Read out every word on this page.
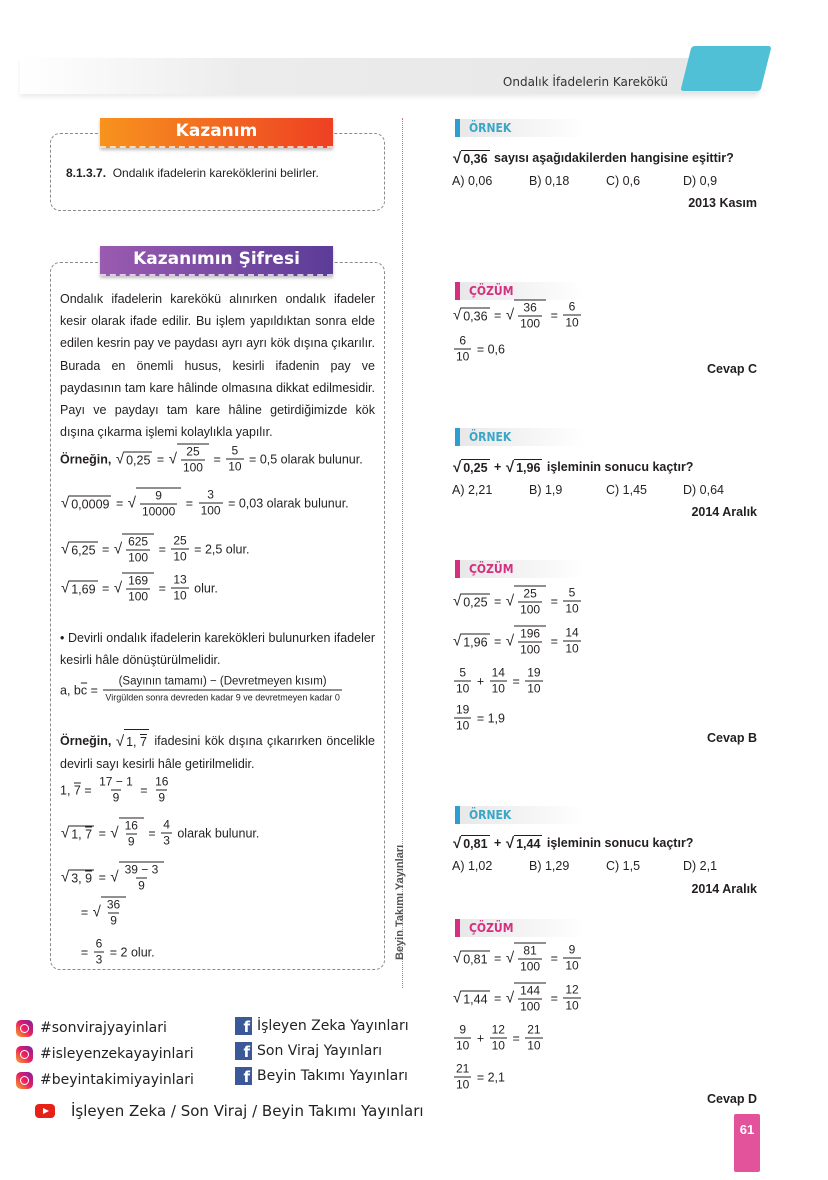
Ondalık İfadelerin Karekökü
Kazanım
8.1.3.7. Ondalık ifadelerin kareköklerini belirler.
Kazanımın Şifresi
Ondalık ifadelerin karekökü alınırken ondalık ifadeler kesir olarak ifade edilir. Bu işlem yapıldıktan sonra elde edilen kesrin pay ve paydası ayrı ayrı kök dışına çıkarılır. Burada en önemli husus, kesirli ifadenin pay ve paydasının tam kare hâlinde olmasına dikkat edilmesidir. Payı ve paydayı tam kare hâline getirdiğimizde kök dışına çıkarma işlemi kolaylıkla yapılır.
Örneğin, √ 0,25 = √ $\frac{25}{100} = \frac{5}{10} = 0,5$ olarak bulunur.
√ 0,0009 = √ $\frac{9}{10000} = \frac{3}{100} = 0,03$ olarak bulunur.
√ 6,25 = √ $\frac{625}{100} = \frac{25}{10} = 2,5$ olur.
√ 1,69 = √ $\frac{169}{100} = \frac{13}{10}$ olur.
a, b $\overline{c} = \frac{\text{(Sayının tamamı) − (Devretmeyen kısım)}}{\text{Virgülden sonra devreden kadar 9 ve devretmeyen kadar 0}}$
1, $7 = \frac{17 - 1}{9} = \frac{16}{9}$
√ 1, 7 = √ $\frac{16}{9} = \frac{4}{3}$ olarak bulunur.
√ 3, 9 = √ $\frac{39 - 3}{9}$
= √ $\frac{36}{9}$
= $\frac{6}{3} = 2$ olur.
• Devirli ondalık ifadelerin karekökleri bulunurken ifadeler kesirli hâle dönüştürülmelidir.
Örneğin, √ 1, 7 ifadesini kök dışına çıkarırken öncelikle devirli sayı kesirli hâle getirilmelidir.
Beyin Takımı Yayınları
ÖRNEK
√ 0,36 sayısı aşağıdakilerden hangisine eşittir?
A) 0,06	B) 0,18	C) 0,6	D) 0,9
2013 Kasım
ÇÖZÜM
√ 0,36 = √ $\frac{36}{100} = \frac{6}{10}$
$\frac{6}{10} = 0,6$
Cevap C
ÖRNEK
√ 0,25 + √ 1,96 işleminin sonucu kaçtır?
A) 2,21	B) 1,9	C) 1,45	D) 0,64
2014 Aralık
ÇÖZÜM
√ 0,25 = √ $\frac{25}{100} = \frac{5}{10}$
√ 1,96 = √ $\frac{196}{100} = \frac{14}{10}$
$\frac{5}{10} + \frac{14}{10} = \frac{19}{10}$
$\frac{19}{10} = 1,9$
Cevap B
ÖRNEK
√ 0,81 + √ 1,44 işleminin sonucu kaçtır?
A) 1,02	B) 1,29	C) 1,5	D) 2,1
2014 Aralık
ÇÖZÜM
√ 0,81 = √ $\frac{81}{100} = \frac{9}{10}$
√ 1,44 = √ $\frac{144}{100} = \frac{12}{10}$
$\frac{9}{10} + \frac{12}{10} = \frac{21}{10}$
$\frac{21}{10} = 2,1$
Cevap D
#sonvirajyayinlari
#isleyenzekayayinlari
#beyintakimiyayinlari
f İşleyen Zeka Yayınları
f Son Viraj Yayınları
f Beyin Takımı Yayınları
İşleyen Zeka / Son Viraj / Beyin Takımı Yayınları
61
